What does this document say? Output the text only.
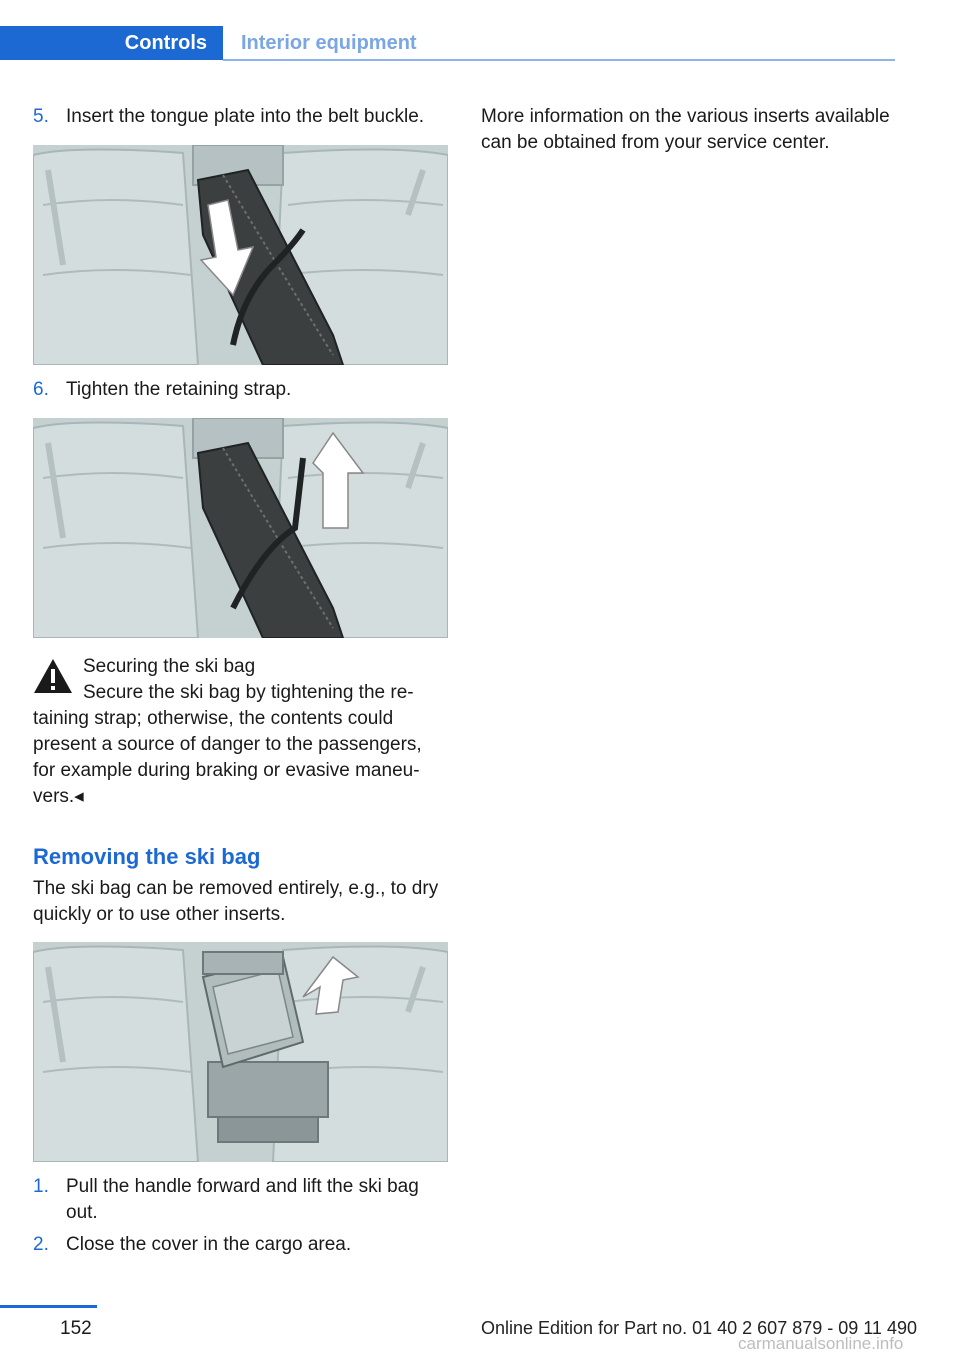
Controls	Interior equipment
5. Insert the tongue plate into the belt buckle.
6. Tighten the retaining strap.
Securing the ski bag
Secure the ski bag by tightening the retaining strap; otherwise, the contents could present a source of danger to the passengers, for example during braking or evasive maneuvers.◂
Removing the ski bag
The ski bag can be removed entirely, e.g., to dry quickly or to use other inserts.
1. Pull the handle forward and lift the ski bag out.
2. Close the cover in the cargo area.
More information on the various inserts available can be obtained from your service center.
152	Online Edition for Part no. 01 40 2 607 879 - 09 11 490
carmanualsonline.info
